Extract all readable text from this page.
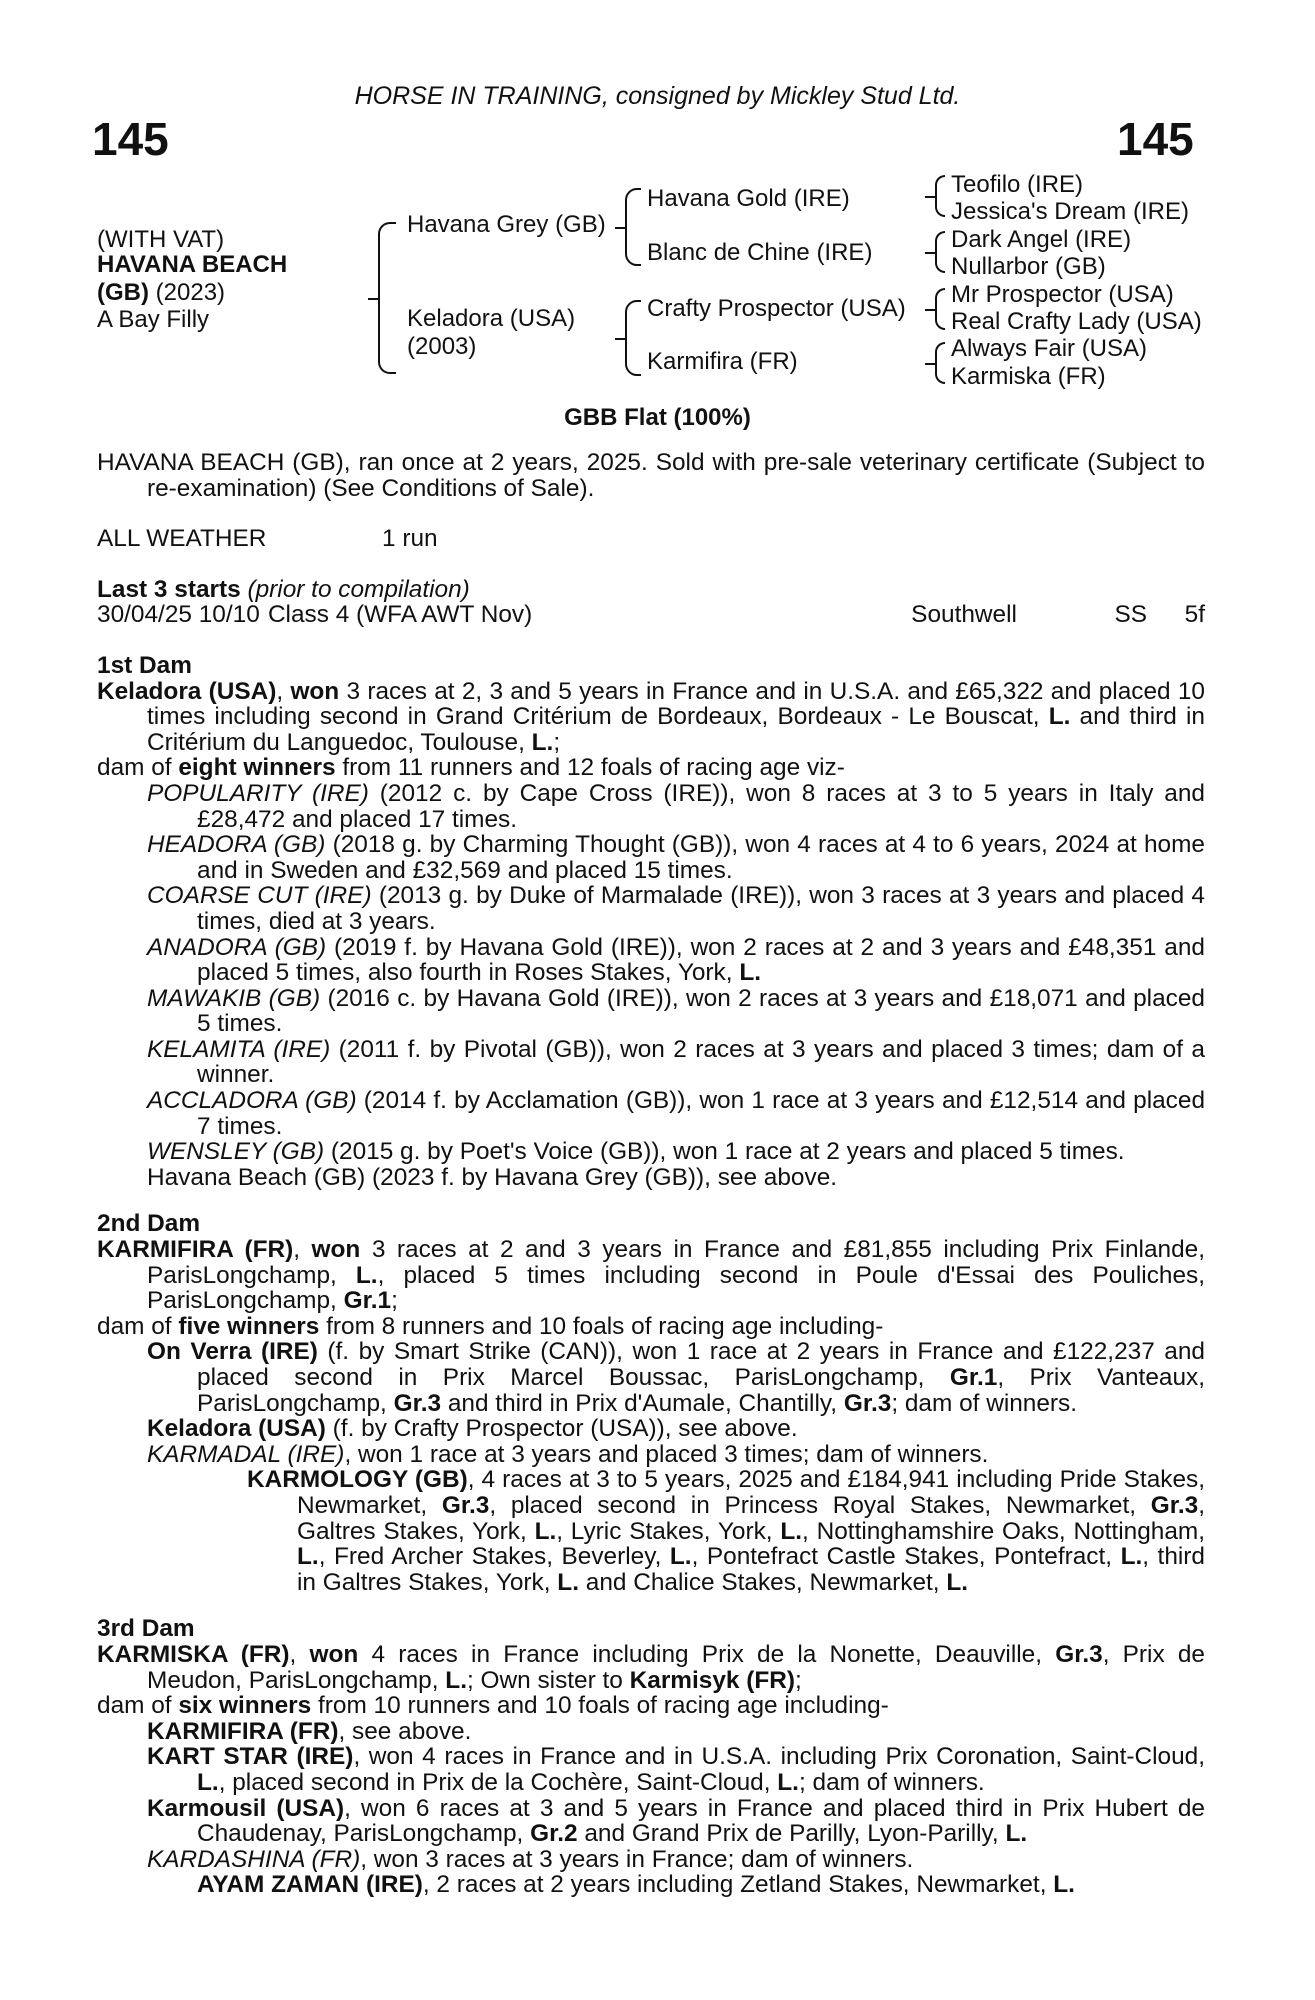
HORSE IN TRAINING, consigned by Mickley Stud Ltd.
145	145
(WITH VAT)
HAVANA BEACH
(GB) (2023)
A Bay Filly
Havana Grey (GB)
Keladora (USA)
(2003)
Havana Gold (IRE)
Blanc de Chine (IRE)
Crafty Prospector (USA)
Karmifira (FR)
Teofilo (IRE)
Jessica's Dream (IRE)
Dark Angel (IRE)
Nullarbor (GB)
Mr Prospector (USA)
Real Crafty Lady (USA)
Always Fair (USA)
Karmiska (FR)
GBB Flat (100%)

HAVANA BEACH (GB), ran once at 2 years, 2025. Sold with pre-sale veterinary certificate (Subject to re-examination) (See Conditions of Sale).

ALL WEATHER	1 run

Last 3 starts (prior to compilation)

30/04/25 10/10 Class 4 (WFA AWT Nov)	Southwell	SS	5f

1st Dam

Keladora (USA), won 3 races at 2, 3 and 5 years in France and in U.S.A. and £65,322 and placed 10 times including second in Grand Critérium de Bordeaux, Bordeaux - Le Bouscat, L. and third in Critérium du Languedoc, Toulouse, L.;

dam of eight winners from 11 runners and 12 foals of racing age viz-

POPULARITY (IRE) (2012 c. by Cape Cross (IRE)), won 8 races at 3 to 5 years in Italy and £28,472 and placed 17 times.

HEADORA (GB) (2018 g. by Charming Thought (GB)), won 4 races at 4 to 6 years, 2024 at home and in Sweden and £32,569 and placed 15 times.

COARSE CUT (IRE) (2013 g. by Duke of Marmalade (IRE)), won 3 races at 3 years and placed 4 times, died at 3 years.

ANADORA (GB) (2019 f. by Havana Gold (IRE)), won 2 races at 2 and 3 years and £48,351 and placed 5 times, also fourth in Roses Stakes, York, L.

MAWAKIB (GB) (2016 c. by Havana Gold (IRE)), won 2 races at 3 years and £18,071 and placed 5 times.

KELAMITA (IRE) (2011 f. by Pivotal (GB)), won 2 races at 3 years and placed 3 times; dam of a winner.

ACCLADORA (GB) (2014 f. by Acclamation (GB)), won 1 race at 3 years and £12,514 and placed 7 times.

WENSLEY (GB) (2015 g. by Poet's Voice (GB)), won 1 race at 2 years and placed 5 times.

Havana Beach (GB) (2023 f. by Havana Grey (GB)), see above.

2nd Dam

KARMIFIRA (FR), won 3 races at 2 and 3 years in France and £81,855 including Prix Finlande, ParisLongchamp, L., placed 5 times including second in Poule d'Essai des Pouliches, ParisLongchamp, Gr.1;

dam of five winners from 8 runners and 10 foals of racing age including-

On Verra (IRE) (f. by Smart Strike (CAN)), won 1 race at 2 years in France and £122,237 and placed second in Prix Marcel Boussac, ParisLongchamp, Gr.1, Prix Vanteaux, ParisLongchamp, Gr.3 and third in Prix d'Aumale, Chantilly, Gr.3; dam of winners.

Keladora (USA) (f. by Crafty Prospector (USA)), see above.

KARMADAL (IRE), won 1 race at 3 years and placed 3 times; dam of winners.

KARMOLOGY (GB), 4 races at 3 to 5 years, 2025 and £184,941 including Pride Stakes, Newmarket, Gr.3, placed second in Princess Royal Stakes, Newmarket, Gr.3, Galtres Stakes, York, L., Lyric Stakes, York, L., Nottinghamshire Oaks, Nottingham, L., Fred Archer Stakes, Beverley, L., Pontefract Castle Stakes, Pontefract, L., third in Galtres Stakes, York, L. and Chalice Stakes, Newmarket, L.

3rd Dam

KARMISKA (FR), won 4 races in France including Prix de la Nonette, Deauville, Gr.3, Prix de Meudon, ParisLongchamp, L.; Own sister to Karmisyk (FR);

dam of six winners from 10 runners and 10 foals of racing age including-

KARMIFIRA (FR), see above.

KART STAR (IRE), won 4 races in France and in U.S.A. including Prix Coronation, Saint-Cloud, L., placed second in Prix de la Cochère, Saint-Cloud, L.; dam of winners.

Karmousil (USA), won 6 races at 3 and 5 years in France and placed third in Prix Hubert de Chaudenay, ParisLongchamp, Gr.2 and Grand Prix de Parilly, Lyon-Parilly, L.

KARDASHINA (FR), won 3 races at 3 years in France; dam of winners.

AYAM ZAMAN (IRE), 2 races at 2 years including Zetland Stakes, Newmarket, L.
